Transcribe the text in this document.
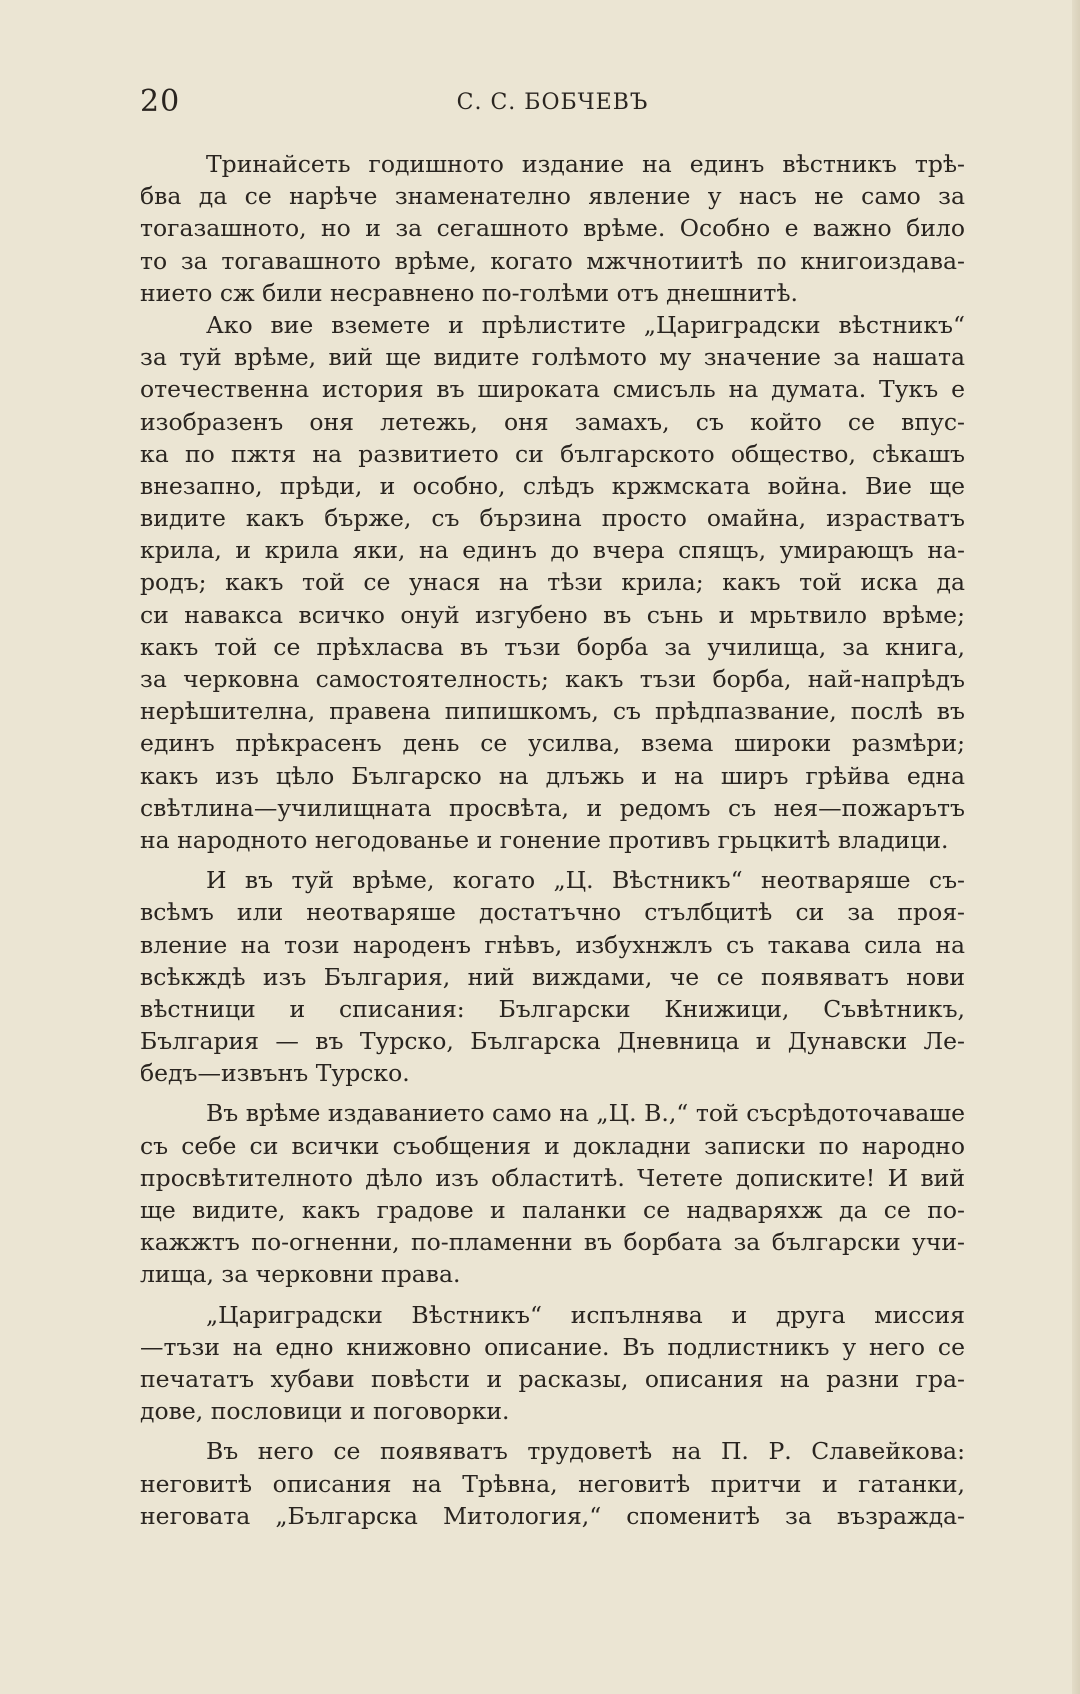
20	С. С. БОБЧЕВЪ
Тринайсеть годишното издание на единъ вѣстникъ трѣ-
бва да се нарѣче знаменателно явление у насъ не само за
тогазашното, но и за сегашното врѣме. Особно е важно било
то за тогавашното врѣме, когато мжчнотиитѣ по книгоиздава-
нието сж били несравнено по-голѣми отъ днешнитѣ.
Ако вие вземете и прѣлистите „Цариградски вѣстникъ“
за туй врѣме, вий ще видите голѣмото му значение за нашата
отечественна история въ широката смисъль на думата. Тукъ е
изобразенъ оня летежь, оня замахъ, съ който се впус-
ка по пжтя на развитието си българското общество, сѣкашъ
внезапно, прѣди, и особно, слѣдъ кржмската война. Вие ще
видите какъ бърже, съ бързина просто омайна, израстватъ
крила, и крила яки, на единъ до вчера спящъ, умирающъ на-
родъ; какъ той се унася на тѣзи крила; какъ той иска да
си навакса всичко онуй изгубено въ сънь и мрьтвило врѣме;
какъ той се прѣхласва въ тъзи борба за училища, за книга,
за черковна самостоятелность; какъ тъзи борба, най-напрѣдъ
нерѣшителна, правена пипишкомъ, съ прѣдпазвание, послѣ въ
единъ прѣкрасенъ день се усилва, взема широки размѣри;
какъ изъ цѣло Българско на длъжь и на ширъ грѣйва една
свѣтлина—училищната просвѣта, и редомъ съ нея—пожарътъ
на народното негодованье и гонение противъ грьцкитѣ владици.
И въ туй врѣме, когато „Ц. Вѣстникъ“ неотваряше съ-
всѣмъ или неотваряше достатъчно стълбцитѣ си за проя-
вление на този народенъ гнѣвъ, избухнжлъ съ такава сила на
всѣкждѣ изъ България, ний виждами, че се появяватъ нови
вѣстници и списания: Български Книжици, Съвѣтникъ,
България — въ Турско, Българска Дневница и Дунавски Ле-
бедъ—извънъ Турско.
Въ врѣме издаванието само на „Ц. В.,“ той съсрѣдоточаваше
съ себе си всички съобщения и докладни записки по народно
просвѣтителното дѣло изъ областитѣ. Четете дописките! И вий
ще видите, какъ градове и паланки се надваряхж да се по-
кажжтъ по-огненни, по-пламенни въ борбата за български учи-
лища, за черковни права.
„Цариградски Вѣстникъ“ испълнява и друга миссия
—тъзи на едно книжовно описание. Въ подлистникъ у него се
печататъ хубави повѣсти и расказы, описания на разни гра-
дове, пословици и поговорки.
Въ него се появяватъ трудоветѣ на П. Р. Славейкова:
неговитѣ описания на Трѣвна, неговитѣ притчи и гатанки,
неговата „Българска Митология,“ споменитѣ за възражда-
